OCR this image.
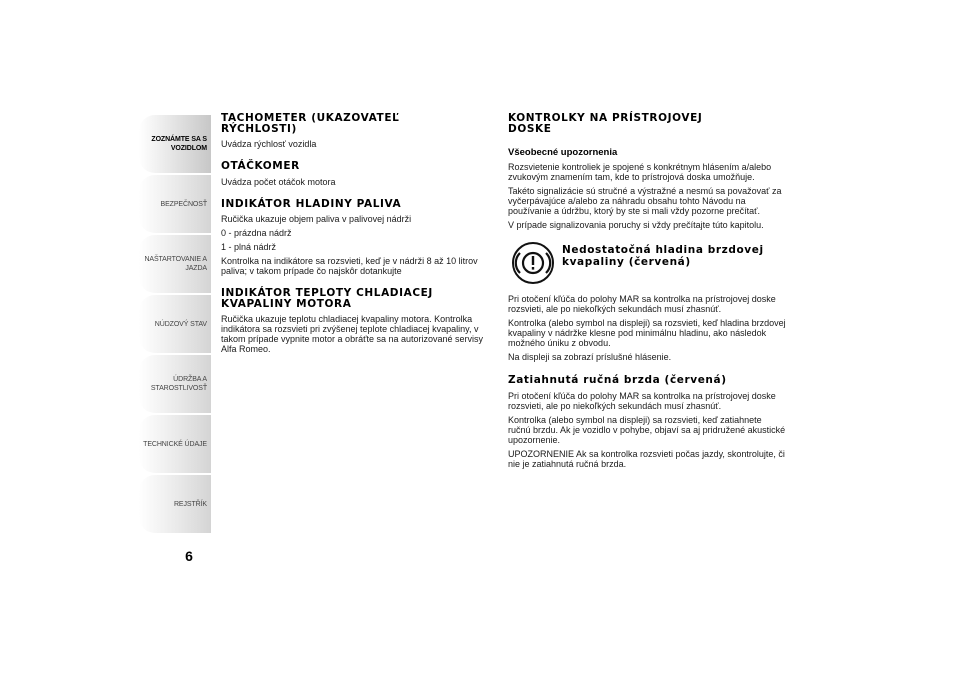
ZOZNÁMTE SA S VOZIDLOM
BEZPEČNOSŤ
NAŠTARTOVANIE A JAZDA
NÚDZOVÝ STAV
ÚDRŽBA A STAROSTLIVOSŤ
TECHNICKÉ ÚDAJE
REJSTŘÍK
6
TACHOMETER (UKAZOVATEĽ RÝCHLOSTI)

Uvádza rýchlosť vozidla

OTÁČKOMER

Uvádza počet otáčok motora

INDIKÁTOR HLADINY PALIVA

Ručička ukazuje objem paliva v palivovej nádrži

0 - prázdna nádrž

1 - plná nádrž

Kontrolka na indikátore sa rozsvieti, keď je v nádrži 8 až 10 litrov paliva; v takom prípade čo najskôr dotankujte

INDIKÁTOR TEPLOTY CHLADIACEJ KVAPALINY MOTORA

Ručička ukazuje teplotu chladiacej kvapaliny motora. Kontrolka indikátora sa rozsvieti pri zvýšenej teplote chladiacej kvapaliny, v takom prípade vypnite motor a obráťte sa na autorizované servisy Alfa Romeo.

KONTROLKY NA PRÍSTROJOVEJ DOSKE
Všeobecné upozornenia

Rozsvietenie kontroliek je spojené s konkrétnym hlásením a/alebo zvukovým znamením tam, kde to prístrojová doska umožňuje.

Takéto signalizácie sú stručné a výstražné a nesmú sa považovať za vyčerpávajúce a/alebo za náhradu obsahu tohto Návodu na používanie a údržbu, ktorý by ste si mali vždy pozorne prečítať.

V prípade signalizovania poruchy si vždy prečítajte túto kapitolu.

Nedostatočná hladina brzdovej kvapaliny (červená)

Pri otočení kľúča do polohy MAR sa kontrolka na prístrojovej doske rozsvieti, ale po niekoľkých sekundách musí zhasnúť.

Kontrolka (alebo symbol na displeji) sa rozsvieti, keď hladina brzdovej kvapaliny v nádržke klesne pod minimálnu hladinu, ako následok možného úniku z obvodu.

Na displeji sa zobrazí príslušné hlásenie.

Zatiahnutá ručná brzda (červená)

Pri otočení kľúča do polohy MAR sa kontrolka na prístrojovej doske rozsvieti, ale po niekoľkých sekundách musí zhasnúť.

Kontrolka (alebo symbol na displeji) sa rozsvieti, keď zatiahnete ručnú brzdu. Ak je vozidlo v pohybe, objaví sa aj pridružené akustické upozornenie.

UPOZORNENIE Ak sa kontrolka rozsvieti počas jazdy, skontrolujte, či nie je zatiahnutá ručná brzda.
